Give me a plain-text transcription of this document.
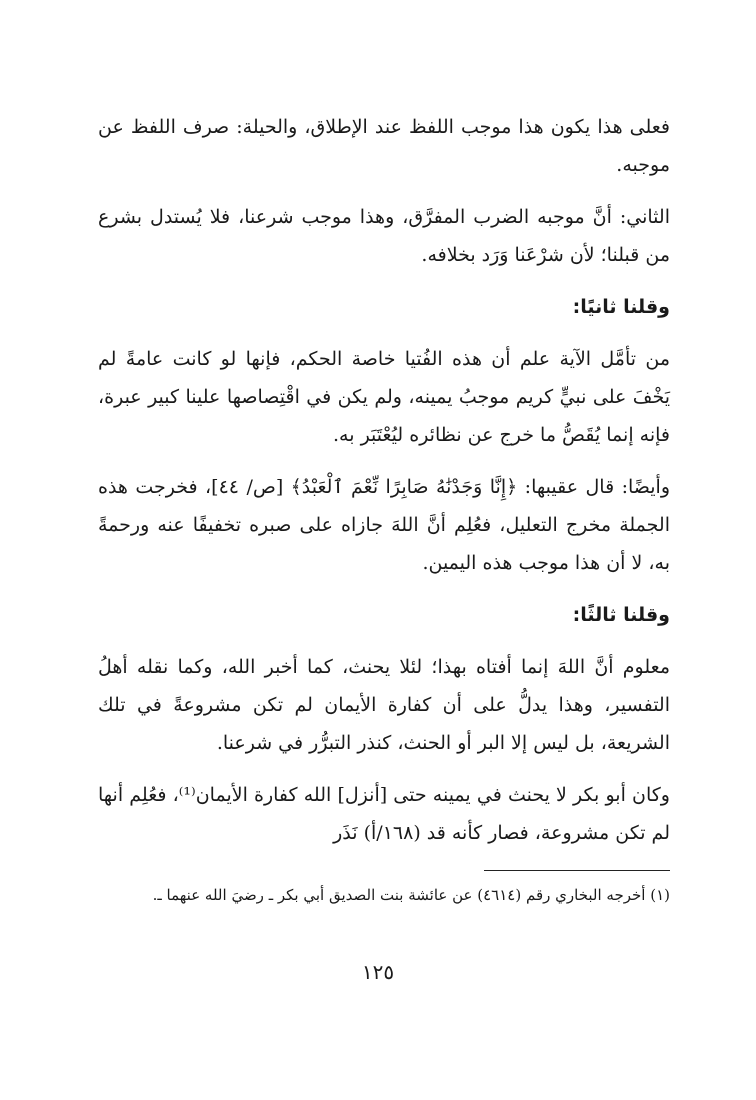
فعلى هذا يكون هذا موجب اللفظ عند الإطلاق، والحيلة: صرف اللفظ عن موجبه.

الثاني: أنَّ موجبه الضرب المفرَّق، وهذا موجب شرعنا، فلا يُستدل بشرع من قبلنا؛ لأن شرْعَنا وَرَد بخلافه.

وقلنا ثانيًا:

من تأمَّل الآية علم أن هذه الفُتيا خاصة الحكم، فإنها لو كانت عامةً لم يَخْفَ على نبيٍّ كريم موجبُ يمينه، ولم يكن في اقْتِصاصها علينا كبير عبرة، فإنه إنما يُقَصُّ ما خرج عن نظائره ليُعْتَبَر به.

وأيضًا: قال عقيبها: ﴿إِنَّا وَجَدْنَٰهُ صَابِرًا نِّعْمَ ٱلْعَبْدُ﴾ [ص/ ٤٤]، فخرجت هذه الجملة مخرج التعليل، فعُلِم أنَّ اللهَ جازاه على صبره تخفيفًا عنه ورحمةً به، لا أن هذا موجب هذه اليمين.

وقلنا ثالثًا:

معلوم أنَّ اللهَ إنما أفتاه بهذا؛ لئلا يحنث، كما أخبر الله، وكما نقله أهلُ التفسير، وهذا يدلُّ على أن كفارة الأيمان لم تكن مشروعةً في تلك الشريعة، بل ليس إلا البر أو الحنث، كنذر التبرُّر في شرعنا.

وكان أبو بكر لا يحنث في يمينه حتى [أنزل] الله كفارة الأيمان⁽¹⁾، فعُلِم أنها لم تكن مشروعة، فصار كأنه قد (١٦٨/أ) نَذَر

(١) أخرجه البخاري رقم (٤٦١٤) عن عائشة بنت الصديق أبي بكر ـ رضيَ الله عنهما ـ.
١٢٥
